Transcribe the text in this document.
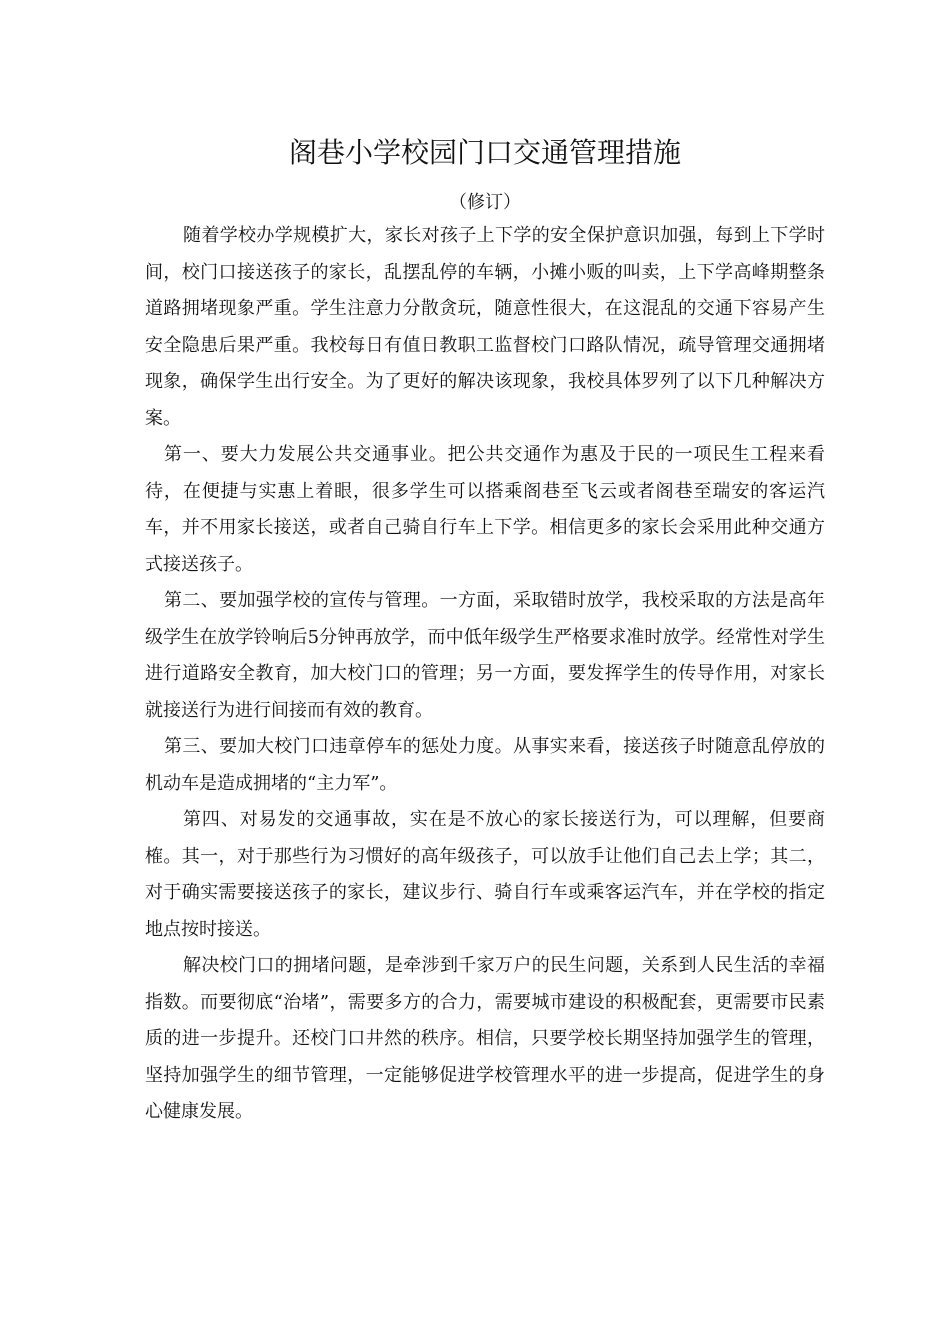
阁巷小学校园门口交通管理措施
（修订）

随着学校办学规模扩大，家长对孩子上下学的安全保护意识加强，每到上下学时间，校门口接送孩子的家长，乱摆乱停的车辆，小摊小贩的叫卖，上下学高峰期整条道路拥堵现象严重。学生注意力分散贪玩，随意性很大，在这混乱的交通下容易产生安全隐患后果严重。我校每日有值日教职工监督校门口路队情况，疏导管理交通拥堵现象，确保学生出行安全。为了更好的解决该现象，我校具体罗列了以下几种解决方案。

第一、要大力发展公共交通事业。把公共交通作为惠及于民的一项民生工程来看待，在便捷与实惠上着眼，很多学生可以搭乘阁巷至飞云或者阁巷至瑞安的客运汽车，并不用家长接送，或者自己骑自行车上下学。相信更多的家长会采用此种交通方式接送孩子。

第二、要加强学校的宣传与管理。一方面，采取错时放学，我校采取的方法是高年级学生在放学铃响后5分钟再放学，而中低年级学生严格要求准时放学。经常性对学生进行道路安全教育，加大校门口的管理；另一方面，要发挥学生的传导作用，对家长就接送行为进行间接而有效的教育。

第三、要加大校门口违章停车的惩处力度。从事实来看，接送孩子时随意乱停放的机动车是造成拥堵的“主力军”。

第四、对易发的交通事故，实在是不放心的家长接送行为，可以理解，但要商榷。其一，对于那些行为习惯好的高年级孩子，可以放手让他们自己去上学；其二，对于确实需要接送孩子的家长，建议步行、骑自行车或乘客运汽车，并在学校的指定地点按时接送。

解决校门口的拥堵问题，是牵涉到千家万户的民生问题，关系到人民生活的幸福指数。而要彻底“治堵”，需要多方的合力，需要城市建设的积极配套，更需要市民素质的进一步提升。还校门口井然的秩序。相信，只要学校长期坚持加强学生的管理，坚持加强学生的细节管理，一定能够促进学校管理水平的进一步提高，促进学生的身心健康发展。
